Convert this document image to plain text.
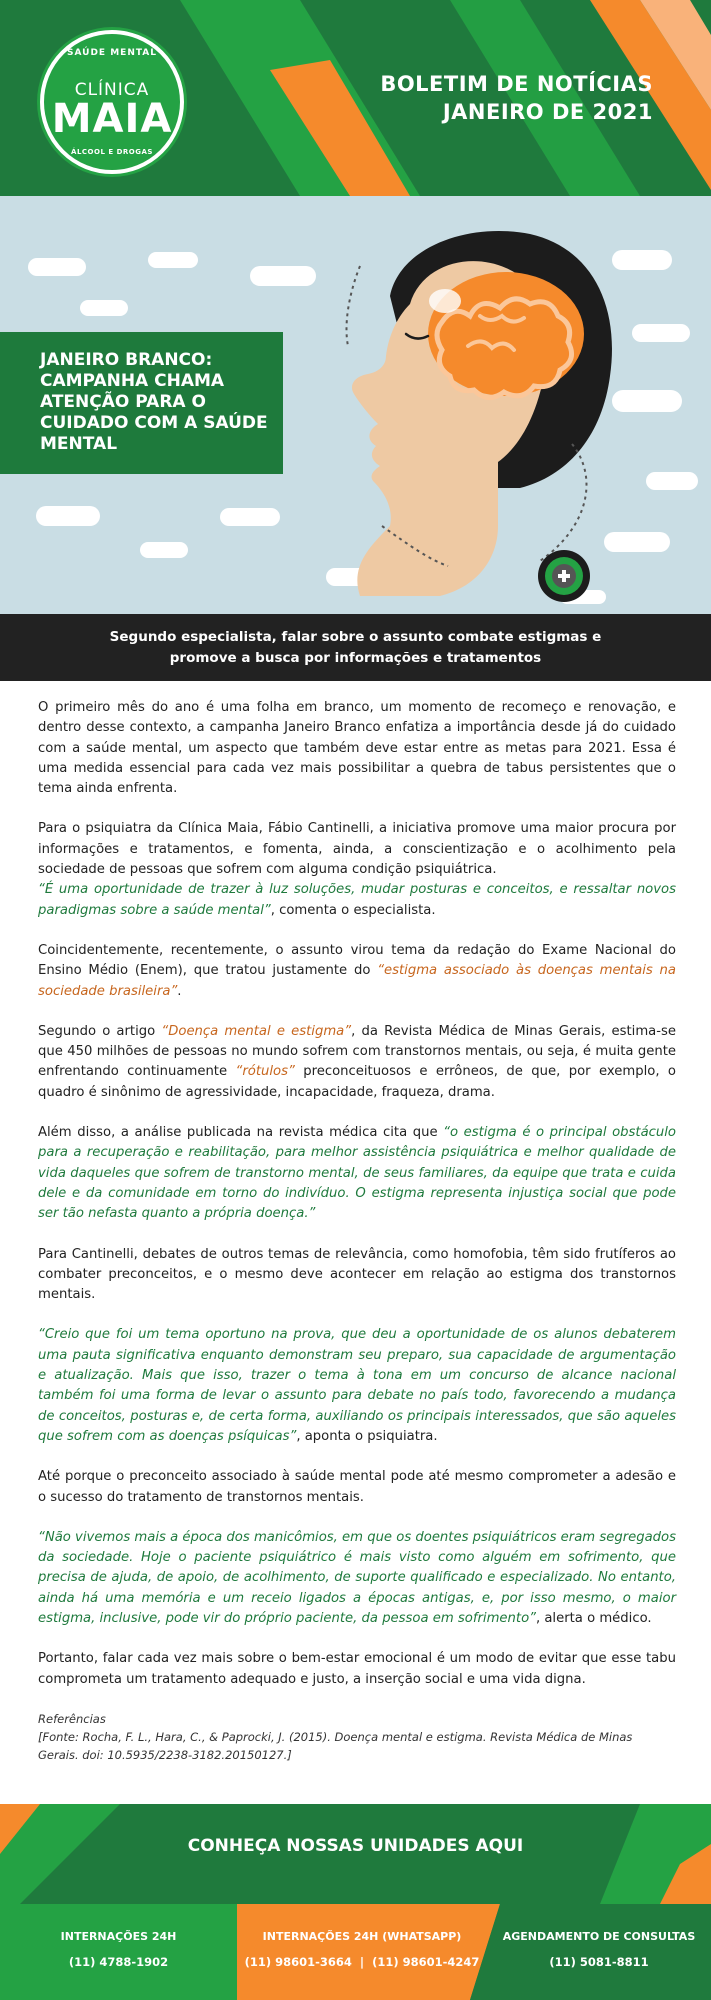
SAÚDE MENTAL
CLÍNICA
MAIA
ÁLCOOL E DROGAS
BOLETIM DE NOTÍCIAS
JANEIRO DE 2021
JANEIRO BRANCO: CAMPANHA CHAMA ATENÇÃO PARA O CUIDADO COM A SAÚDE MENTAL
Segundo especialista, falar sobre o assunto combate estigmas e
promove a busca por informações e tratamentos

O primeiro mês do ano é uma folha em branco, um momento de recomeço e renovação, e dentro desse contexto, a campanha Janeiro Branco enfatiza a importância desde já do cuidado com a saúde mental, um aspecto que também deve estar entre as metas para 2021. Essa é uma medida essencial para cada vez mais possibilitar a quebra de tabus persistentes que o tema ainda enfrenta.

Para o psiquiatra da Clínica Maia, Fábio Cantinelli, a iniciativa promove uma maior procura por informações e tratamentos, e fomenta, ainda, a conscientização e o acolhimento pela sociedade de pessoas que sofrem com alguma condição psiquiátrica.
“É uma oportunidade de trazer à luz soluções, mudar posturas e conceitos, e ressaltar novos paradigmas sobre a saúde mental”, comenta o especialista.

Coincidentemente, recentemente, o assunto virou tema da redação do Exame Nacional do Ensino Médio (Enem), que tratou justamente do “estigma associado às doenças mentais na sociedade brasileira”.

Segundo o artigo “Doença mental e estigma”, da Revista Médica de Minas Gerais, estima-se que 450 milhões de pessoas no mundo sofrem com transtornos mentais, ou seja, é muita gente enfrentando continuamente “rótulos” preconceituosos e errôneos, de que, por exemplo, o quadro é sinônimo de agressividade, incapacidade, fraqueza, drama.

Além disso, a análise publicada na revista médica cita que “o estigma é o principal obstáculo para a recuperação e reabilitação, para melhor assistência psiquiátrica e melhor qualidade de vida daqueles que sofrem de transtorno mental, de seus familiares, da equipe que trata e cuida dele e da comunidade em torno do indivíduo. O estigma representa injustiça social que pode ser tão nefasta quanto a própria doença.”

Para Cantinelli, debates de outros temas de relevância, como homofobia, têm sido frutíferos ao combater preconceitos, e o mesmo deve acontecer em relação ao estigma dos transtornos mentais.

“Creio que foi um tema oportuno na prova, que deu a oportunidade de os alunos debaterem uma pauta significativa enquanto demonstram seu preparo, sua capacidade de argumentação e atualização. Mais que isso, trazer o tema à tona em um concurso de alcance nacional também foi uma forma de levar o assunto para debate no país todo, favorecendo a mudança de conceitos, posturas e, de certa forma, auxiliando os principais interessados, que são aqueles que sofrem com as doenças psíquicas”, aponta o psiquiatra.

Até porque o preconceito associado à saúde mental pode até mesmo comprometer a adesão e o sucesso do tratamento de transtornos mentais.

“Não vivemos mais a época dos manicômios, em que os doentes psiquiátricos eram segregados da sociedade. Hoje o paciente psiquiátrico é mais visto como alguém em sofrimento, que precisa de ajuda, de apoio, de acolhimento, de suporte qualificado e especializado. No entanto, ainda há uma memória e um receio ligados a épocas antigas, e, por isso mesmo, o maior estigma, inclusive, pode vir do próprio paciente, da pessoa em sofrimento”, alerta o médico.

Portanto, falar cada vez mais sobre o bem-estar emocional é um modo de evitar que esse tabu comprometa um tratamento adequado e justo, a inserção social e uma vida digna.

Referências
[Fonte: Rocha, F. L., Hara, C., & Paprocki, J. (2015). Doença mental e estigma. Revista Médica de Minas Gerais. doi: 10.5935/2238-3182.20150127.]
CONHEÇA NOSSAS UNIDADES AQUI
INTERNAÇÕES 24H
(11) 4788-1902
INTERNAÇÕES 24H (WHATSAPP)
(11) 98601-3664  |  (11) 98601-4247
AGENDAMENTO DE CONSULTAS
(11) 5081-8811
